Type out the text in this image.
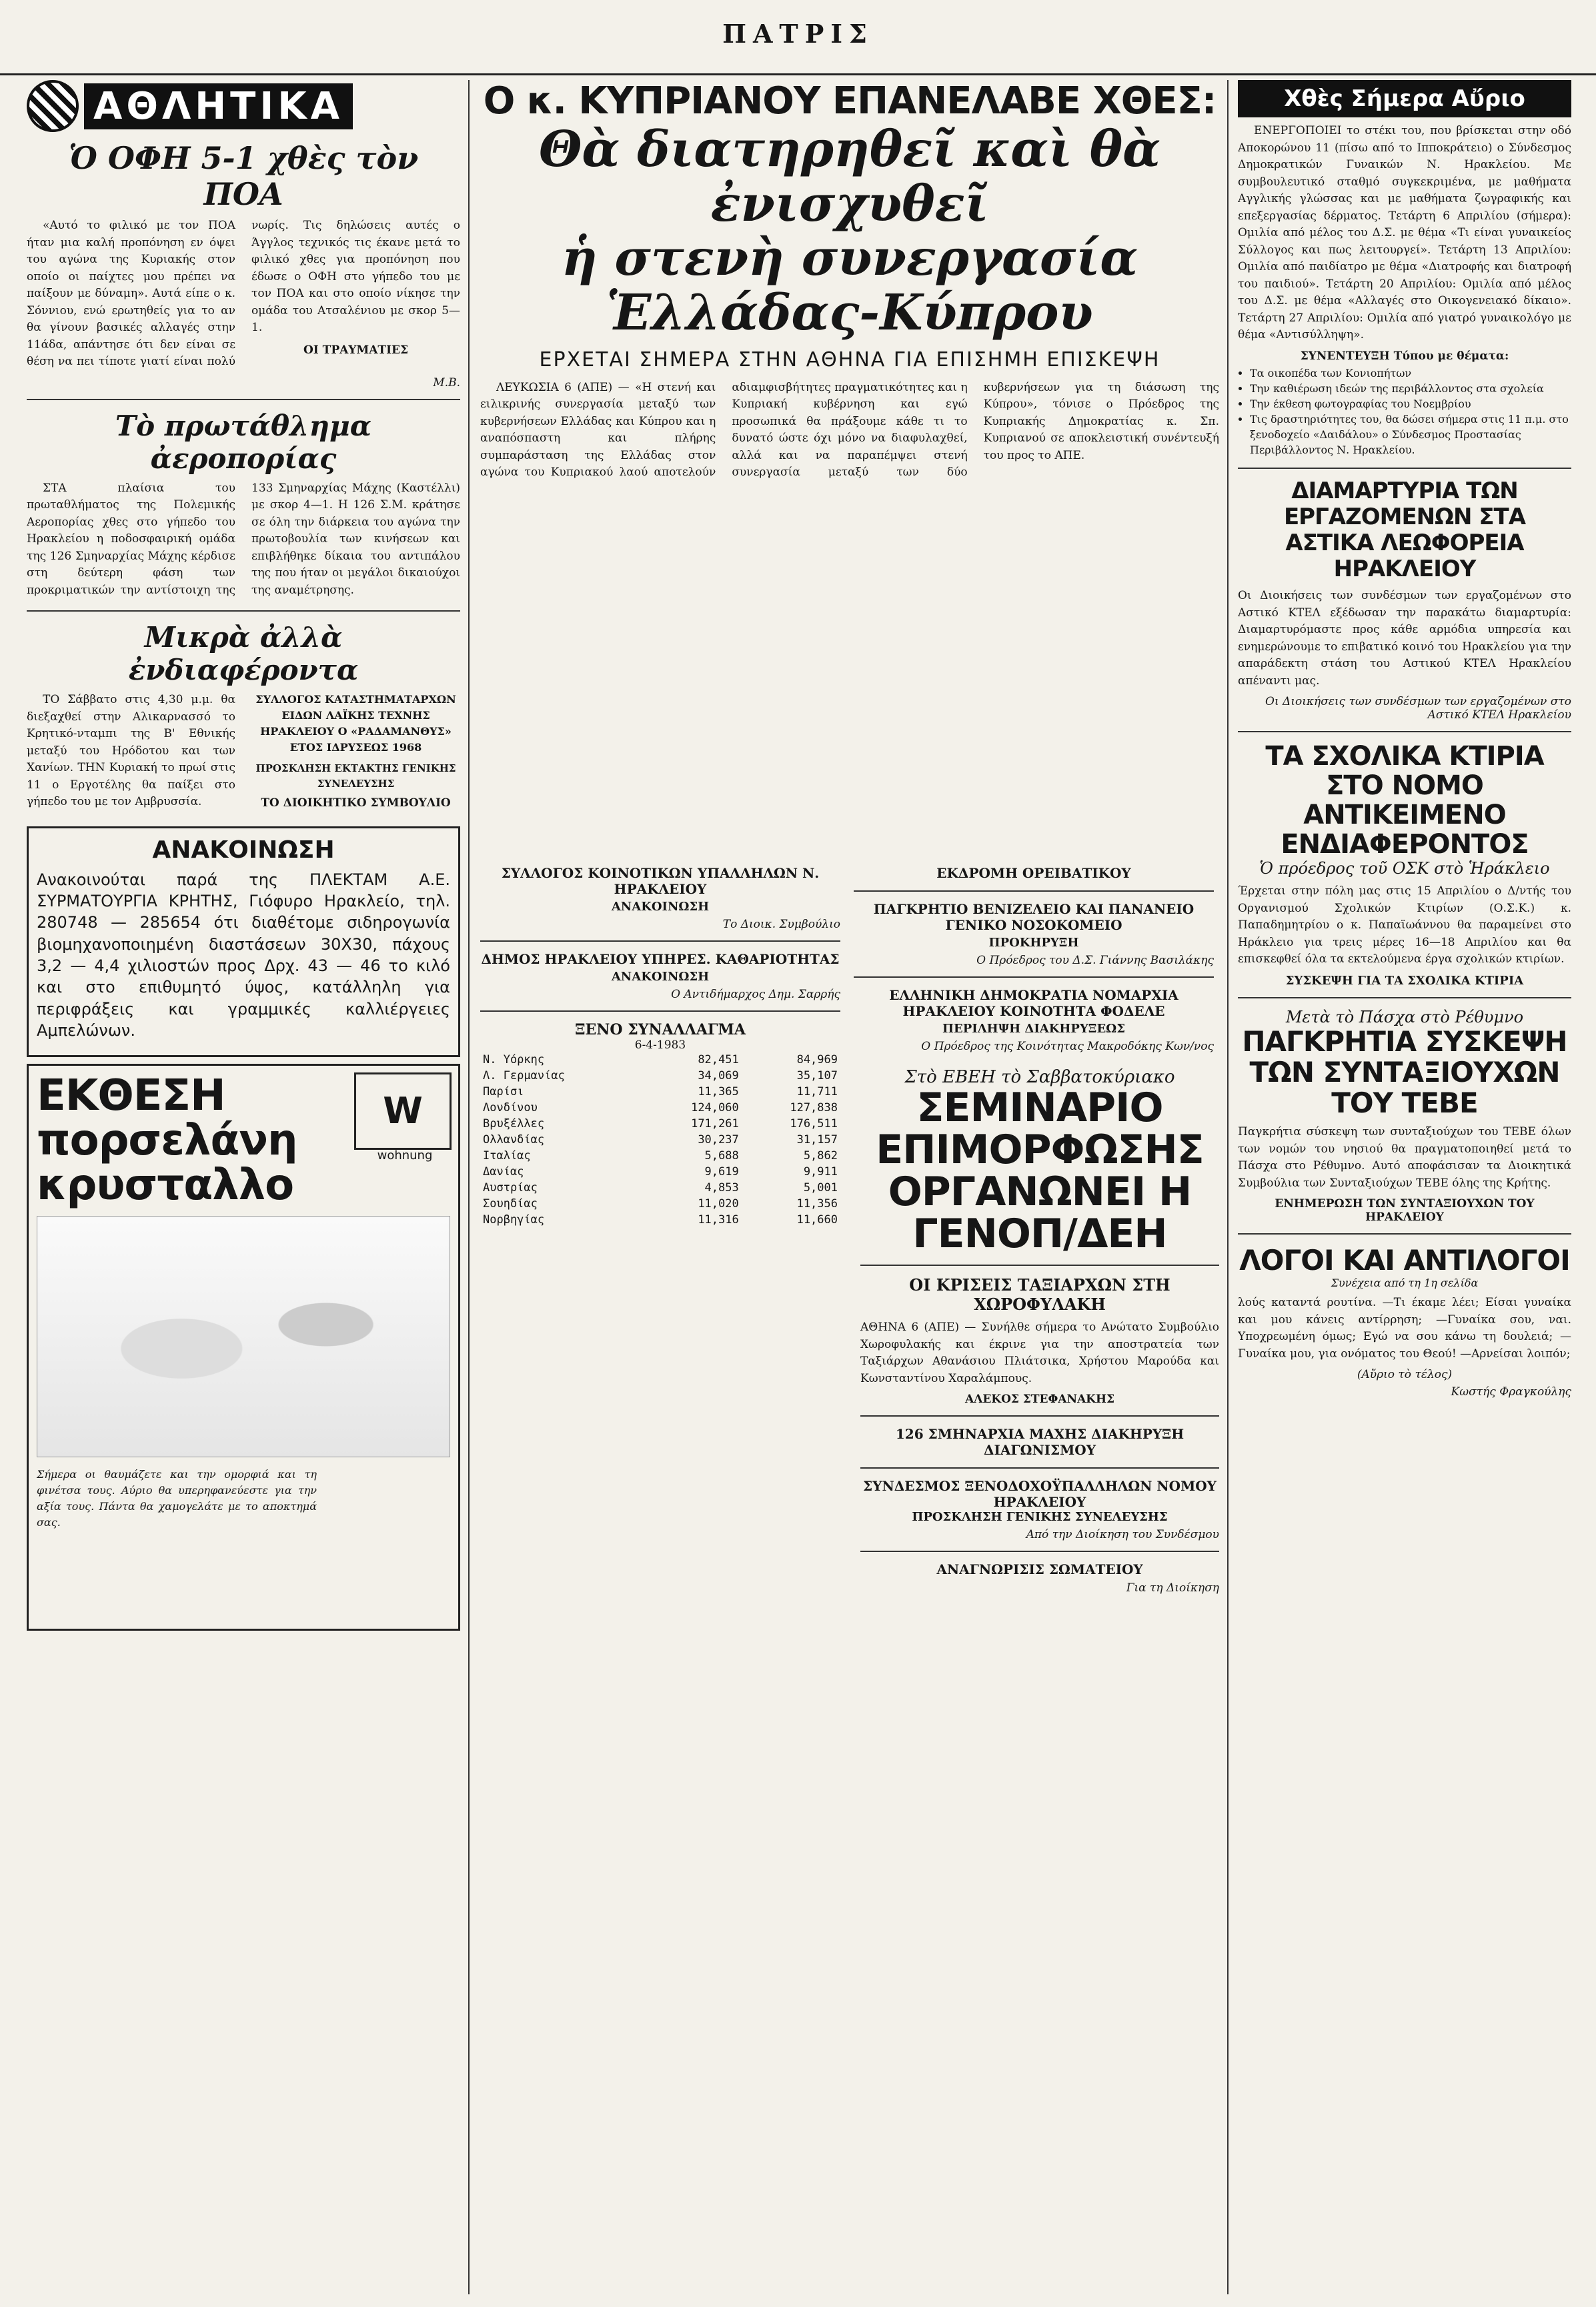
ΠΑΤΡΙΣ
ΑΘΛΗΤΙΚΑ
Ὁ ΟΦΗ 5-1 χθὲς τὸν ΠΟΑ

«Αυτό το φιλικό με τον ΠΟΑ ήταν μια καλή προπόνηση εν όψει του αγώνα της Κυριακής στον οποίο οι παίχτες μου πρέπει να παίξουν με δύναμη». Αυτά είπε ο κ. Σόννιου, ενώ ερωτηθείς για το αν θα γίνουν βασικές αλλαγές στην 11άδα, απάντησε ότι δεν είναι σε θέση να πει τίποτε γιατί είναι πολύ νωρίς. Τις δηλώσεις αυτές ο Άγγλος τεχνικός τις έκανε μετά το φιλικό χθες για προπόνηση που έδωσε ο ΟΦΗ στο γήπεδο του με τον ΠΟΑ και στο οποίο νίκησε την ομάδα του Ατσαλένιου με σκορ 5—1.

ΟΙ ΤΡΑΥΜΑΤΙΕΣ
Μ.Β.
Τὸ πρωτάθλημα ἀεροπορίας

ΣΤΑ πλαίσια του πρωταθλήματος της Πολεμικής Αεροπορίας χθες στο γήπεδο του Ηρακλείου η ποδοσφαιρική ομάδα της 126 Σμηναρχίας Μάχης κέρδισε στη δεύτερη φάση των προκριματικών την αντίστοιχη της 133 Σμηναρχίας Μάχης (Καστέλλι) με σκορ 4—1. Η 126 Σ.Μ. κράτησε σε όλη την διάρκεια του αγώνα την πρωτοβουλία των κινήσεων και επιβλήθηκε δίκαια του αντιπάλου της που ήταν οι μεγάλοι δικαιούχοι της αναμέτρησης.

Μικρὰ ἀλλὰ ἐνδιαφέροντα

ΤΟ Σάββατο στις 4,30 μ.μ. θα διεξαχθεί στην Αλικαρνασσό το Κρητικό-νταμπι της Β' Εθνικής μεταξύ του Ηρόδοτου και των Χανίων. ΤΗΝ Κυριακή το πρωί στις 11 ο Εργοτέλης θα παίξει στο γήπεδο του με τον Αμβρυσσία.

ΣΥΛΛΟΓΟΣ ΚΑΤΑΣΤΗΜΑΤΑΡΧΩΝ ΕΙΔΩΝ ΛΑΪΚΗΣ ΤΕΧΝΗΣ ΗΡΑΚΛΕΙΟΥ Ο «ΡΑΔΑΜΑΝΘΥΣ» ΕΤΟΣ ΙΔΡΥΣΕΩΣ 1968
ΠΡΟΣΚΛΗΣΗ ΕΚΤΑΚΤΗΣ ΓΕΝΙΚΗΣ ΣΥΝΕΛΕΥΣΗΣ
ΤΟ ΔΙΟΙΚΗΤΙΚΟ ΣΥΜΒΟΥΛΙΟ
ΑΝΑΚΟΙΝΩΣΗ
Ανακοινούται παρά της ΠΛΕΚΤΑΜ Α.Ε. ΣΥΡΜΑΤΟΥΡΓΙΑ ΚΡΗΤΗΣ, Γιόφυρο Ηρακλείο, τηλ. 280748 — 285654 ότι διαθέτομε σιδηρογωνία βιομηχανοποιημένη διαστάσεων 30Χ30, πάχους 3,2 — 4,4 χιλιοστών προς Δρχ. 43 — 46 το κιλό και στο επιθυμητό ύψος, κατάλληλη για περιφράξεις και γραμμικές καλλιέργειες Αμπελώνων.
ΕΚΘΕΣΗ πορσελάνη κρυσταλλο
W
wohnung
Σήμερα οι θαυμάζετε και την ομορφιά και τη φινέτσα τους. Αύριο θα υπερηφανεύεστε για την αξία τους. Πάντα θα χαμογελάτε με το αποκτημά σας.
Ο κ. ΚΥΠΡΙΑΝΟΥ ΕΠΑΝΕΛΑΒΕ ΧΘΕΣ:
Θὰ διατηρηθεῖ καὶ θὰ ἐνισχυθεῖ
ἡ στενὴ συνεργασία Ἑλλάδας-Κύπρου
ΕΡΧΕΤΑΙ ΣΗΜΕΡΑ ΣΤΗΝ ΑΘΗΝΑ ΓΙΑ ΕΠΙΣΗΜΗ ΕΠΙΣΚΕΨΗ

ΛΕΥΚΩΣΙΑ 6 (ΑΠΕ) — «Η στενή και ειλικρινής συνεργασία μεταξύ των κυβερνήσεων Ελλάδας και Κύπρου και η αναπόσπαστη και πλήρης συμπαράσταση της Ελλάδας στον αγώνα του Κυπριακού λαού αποτελούν αδιαμφισβήτητες πραγματικότητες και η Κυπριακή κυβέρνηση και εγώ προσωπικά θα πράξουμε κάθε τι το δυνατό ώστε όχι μόνο να διαφυλαχθεί, αλλά και να παραπέμψει στενή συνεργασία μεταξύ των δύο κυβερνήσεων για τη διάσωση της Κύπρου», τόνισε ο Πρόεδρος της Κυπριακής Δημοκρατίας κ. Σπ. Κυπριανού σε αποκλειστική συνέντευξή του προς το ΑΠΕ.

ΣΥΛΛΟΓΟΣ ΚΟΙΝΟΤΙΚΩΝ ΥΠΑΛΛΗΛΩΝ Ν. ΗΡΑΚΛΕΙΟΥ
ΑΝΑΚΟΙΝΩΣΗ
Το Διοικ. Συμβούλιο
ΔΗΜΟΣ ΗΡΑΚΛΕΙΟΥ ΥΠΗΡΕΣ. ΚΑΘΑΡΙΟΤΗΤΑΣ
ΑΝΑΚΟΙΝΩΣΗ
Ο Αντιδήμαρχος Δημ. Σαρρής
ΞΕΝΟ ΣΥΝΑΛΛΑΓΜΑ
6-4-1983
Ν. Υόρκης	82,451	84,969
Λ. Γερμανίας	34,069	35,107
Παρίσι	11,365	11,711
Λονδίνου	124,060	127,838
Βρυξέλλες	171,261	176,511
Ολλανδίας	30,237	31,157
Ιταλίας	5,688	5,862
Δανίας	9,619	9,911
Αυστρίας	4,853	5,001
Σουηδίας	11,020	11,356
Νορβηγίας	11,316	11,660
ΕΚΔΡΟΜΗ ΟΡΕΙΒΑΤΙΚΟΥ
ΠΑΓΚΡΗΤΙΟ ΒΕΝΙΖΕΛΕΙΟ ΚΑΙ ΠΑΝΑΝΕΙΟ ΓΕΝΙΚΟ ΝΟΣΟΚΟΜΕΙΟ
ΠΡΟΚΗΡΥΞΗ
Ο Πρόεδρος του Δ.Σ. Γιάννης Βασιλάκης
ΕΛΛΗΝΙΚΗ ΔΗΜΟΚΡΑΤΙΑ ΝΟΜΑΡΧΙΑ ΗΡΑΚΛΕΙΟΥ ΚΟΙΝΟΤΗΤΑ ΦΟΔΕΛΕ
ΠΕΡΙΛΗΨΗ ΔΙΑΚΗΡΥΞΕΩΣ
Ο Πρόεδρος της Κοινότητας Μακροδόκης Κων/νος
Στὸ ΕΒΕΗ τὸ Σαββατοκύριακο
ΣΕΜΙΝΑΡΙΟ ΕΠΙΜΟΡΦΩΣΗΣ ΟΡΓΑΝΩΝΕΙ Η ΓΕΝΟΠ/ΔΕΗ
ΟΙ ΚΡΙΣΕΙΣ ΤΑΞΙΑΡΧΩΝ ΣΤΗ ΧΩΡΟΦΥΛΑΚΗ
ΑΘΗΝΑ 6 (ΑΠΕ) — Συνήλθε σήμερα το Ανώτατο Συμβούλιο Χωροφυλακής και έκρινε για την αποστρατεία των Ταξιάρχων Αθανάσιου Πλιάτσικα, Χρήστου Μαρούδα και Κωνσταντίνου Χαραλάμπους.
ΑΛΕΚΟΣ ΣΤΕΦΑΝΑΚΗΣ
126 ΣΜΗΝΑΡΧΙΑ ΜΑΧΗΣ ΔΙΑΚΗΡΥΞΗ ΔΙΑΓΩΝΙΣΜΟΥ
ΣΥΝΔΕΣΜΟΣ ΞΕΝΟΔΟΧΟΫΠΑΛΛΗΛΩΝ ΝΟΜΟΥ ΗΡΑΚΛΕΙΟΥ
ΠΡΟΣΚΛΗΣΗ ΓΕΝΙΚΗΣ ΣΥΝΕΛΕΥΣΗΣ
Από την Διοίκηση του Συνδέσμου
ΑΝΑΓΝΩΡΙΣΙΣ ΣΩΜΑΤΕΙΟΥ
Για τη Διοίκηση
Χθὲς Σήμερα Αὔριο

ΕΝΕΡΓΟΠΟΙΕΙ το στέκι του, που βρίσκεται στην οδό Αποκορώνου 11 (πίσω από το Ιπποκράτειο) ο Σύνδεσμος Δημοκρατικών Γυναικών Ν. Ηρακλείου. Με συμβουλευτικό σταθμό συγκεκριμένα, με μαθήματα Αγγλικής γλώσσας και με μαθήματα ζωγραφικής και επεξεργασίας δέρματος. Τετάρτη 6 Απριλίου (σήμερα): Ομιλία από μέλος του Δ.Σ. με θέμα «Τι είναι γυναικείος Σύλλογος και πως λειτουργεί». Τετάρτη 13 Απριλίου: Ομιλία από παιδίατρο με θέμα «Διατροφής και διατροφή του παιδιού». Τετάρτη 20 Απριλίου: Ομιλία από μέλος του Δ.Σ. με θέμα «Αλλαγές στο Οικογενειακό δίκαιο». Τετάρτη 27 Απριλίου: Ομιλία από γιατρό γυναικολόγο με θέμα «Αντισύλληψη».

ΣΥΝΕΝΤΕΥΞΗ Τύπου με θέματα:
• Τα οικοπέδα των Κονιοπήτων
• Την καθιέρωση ιδεών της περιβάλλοντος στα σχολεία
• Την έκθεση φωτογραφίας του Νοεμβρίου
• Τις δραστηριότητες του, θα δώσει σήμερα στις 11 π.μ. στο ξενοδοχείο «Δαιδάλου» ο Σύνδεσμος Προστασίας Περιβάλλοντος Ν. Ηρακλείου.
ΔΙΑΜΑΡΤΥΡΙΑ ΤΩΝ ΕΡΓΑΖΟΜΕΝΩΝ ΣΤΑ ΑΣΤΙΚΑ ΛΕΩΦΟΡΕΙΑ ΗΡΑΚΛΕΙΟΥ
Οι Διοικήσεις των συνδέσμων των εργαζομένων στο Αστικό ΚΤΕΛ εξέδωσαν την παρακάτω διαμαρτυρία: Διαμαρτυρόμαστε προς κάθε αρμόδια υπηρεσία και ενημερώνουμε το επιβατικό κοινό του Ηρακλείου για την απαράδεκτη στάση του Αστικού ΚΤΕΛ Ηρακλείου απέναντι μας.
Οι Διοικήσεις των συνδέσμων των εργαζομένων στο Αστικό ΚΤΕΛ Ηρακλείου
ΤΑ ΣΧΟΛΙΚΑ ΚΤΙΡΙΑ ΣΤΟ ΝΟΜΟ ΑΝΤΙΚΕΙΜΕΝΟ ΕΝΔΙΑΦΕΡΟΝΤΟΣ
Ὁ πρόεδρος τοῦ ΟΣΚ στὸ Ἡράκλειο
Έρχεται στην πόλη μας στις 15 Απριλίου ο Δ/ντής του Οργανισμού Σχολικών Κτιρίων (Ο.Σ.Κ.) κ. Παπαδημητρίου ο κ. Παπαϊωάννου θα παραμείνει στο Ηράκλειο για τρεις μέρες 16—18 Απριλίου και θα επισκεφθεί όλα τα εκτελούμενα έργα σχολικών κτιρίων.
ΣΥΣΚΕΨΗ ΓΙΑ ΤΑ ΣΧΟΛΙΚΑ ΚΤΙΡΙΑ
Μετὰ τὸ Πάσχα στὸ Ρέθυμνο
ΠΑΓΚΡΗΤΙΑ ΣΥΣΚΕΨΗ ΤΩΝ ΣΥΝΤΑΞΙΟΥΧΩΝ ΤΟΥ ΤΕΒΕ
Παγκρήτια σύσκεψη των συνταξιούχων του ΤΕΒΕ όλων των νομών του νησιού θα πραγματοποιηθεί μετά το Πάσχα στο Ρέθυμνο. Αυτό αποφάσισαν τα Διοικητικά Συμβούλια των Συνταξιούχων ΤΕΒΕ όλης της Κρήτης.
ΕΝΗΜΕΡΩΣΗ ΤΩΝ ΣΥΝΤΑΞΙΟΥΧΩΝ ΤΟΥ ΗΡΑΚΛΕΙΟΥ
ΛΟΓΟΙ ΚΑΙ ΑΝΤΙΛΟΓΟΙ
Συνέχεια από τη 1η σελίδα
λούς καταντά ρουτίνα. —Τι έκαμε λέει; Είσαι γυναίκα και μου κάνεις αντίρρηση; —Γυναίκα σου, ναι. Υποχρεωμένη όμως; Εγώ να σου κάνω τη δουλειά; —Γυναίκα μου, για ονόματος του Θεού! —Αρνείσαι λοιπόν;
(Αὔριο τὸ τέλος)
Κωστής Φραγκούλης
